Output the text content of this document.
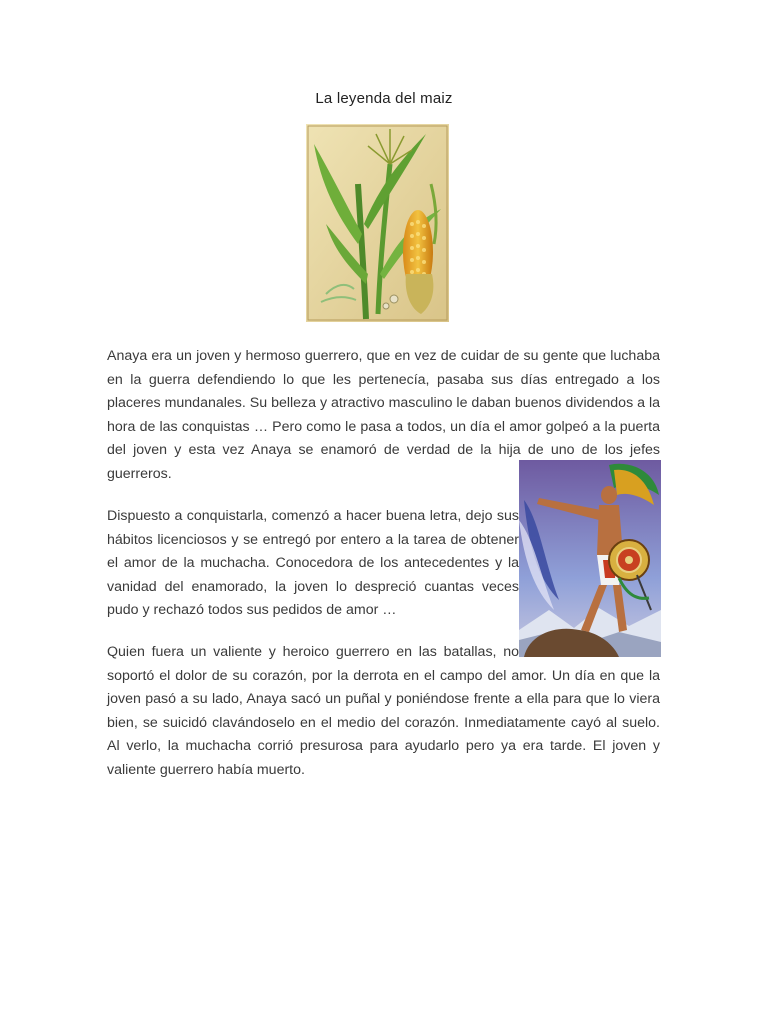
La leyenda del maiz

Anaya era un joven y hermoso guerrero, que en vez de cuidar de su gente que luchaba en la guerra defendiendo lo que les pertenecía, pasaba sus días entregado a los placeres mundanales. Su belleza y atractivo masculino le daban buenos dividendos a la hora de las conquistas … Pero como le pasa a todos, un día el amor golpeó a la puerta del joven y esta vez Anaya se enamoró de verdad de la hija de uno de los jefes guerreros.

Dispuesto a conquistarla, comenzó a hacer buena letra, dejo sus hábitos licenciosos y se entregó por entero a la tarea de obtener el amor de la muchacha. Conocedora de los antecedentes y la vanidad del enamorado, la joven lo despreció cuantas veces pudo y rechazó todos sus pedidos de amor …

Quien fuera un valiente y heroico guerrero en las batallas, no
soportó el dolor de su corazón, por la derrota en el campo del amor. Un día en que la joven pasó a su lado, Anaya sacó un puñal y poniéndose frente a ella para que lo viera bien, se suicidó clavándoselo en el medio del corazón. Inmediatamente cayó al suelo. Al verlo, la muchacha corrió presurosa para ayudarlo pero ya era tarde. El joven y valiente guerrero había muerto.
